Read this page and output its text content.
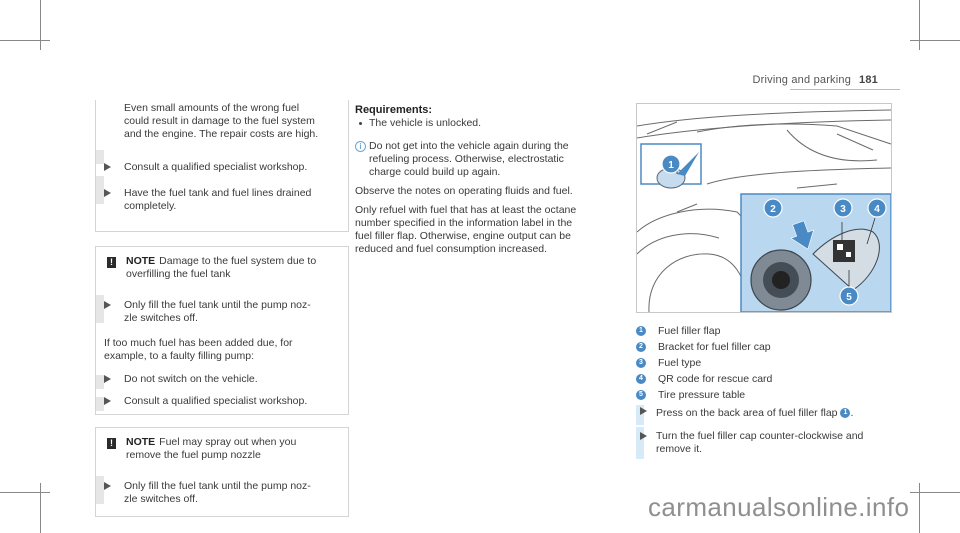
Driving and parking 181
Even small amounts of the wrong fuel
could result in damage to the fuel system
and the engine. The repair costs are high.
Consult a qualified specialist workshop.
Have the fuel tank and fuel lines drained
completely.
! NOTE Damage to the fuel system due to
overfilling the fuel tank
Only fill the fuel tank until the pump noz-
zle switches off.
If too much fuel has been added due, for
example, to a faulty filling pump:
Do not switch on the vehicle.
Consult a qualified specialist workshop.
! NOTE Fuel may spray out when you
remove the fuel pump nozzle
Only fill the fuel tank until the pump noz-
zle switches off.
Requirements:
The vehicle is unlocked.
i Do not get into the vehicle again during the
refueling process. Otherwise, electrostatic
charge could build up again.
Observe the notes on operating fluids and fuel.
Only refuel with fuel that has at least the octane
number specified in the information label in the
fuel filler flap. Otherwise, engine output can be
reduced and fuel consumption increased.
1
2	3	4
5
1 Fuel filler flap
2 Bracket for fuel filler cap
3 Fuel type
4 QR code for rescue card
5 Tire pressure table
Press on the back area of fuel filler flap 1 .
Turn the fuel filler cap counter-clockwise and
remove it.
carmanualsonline.info
